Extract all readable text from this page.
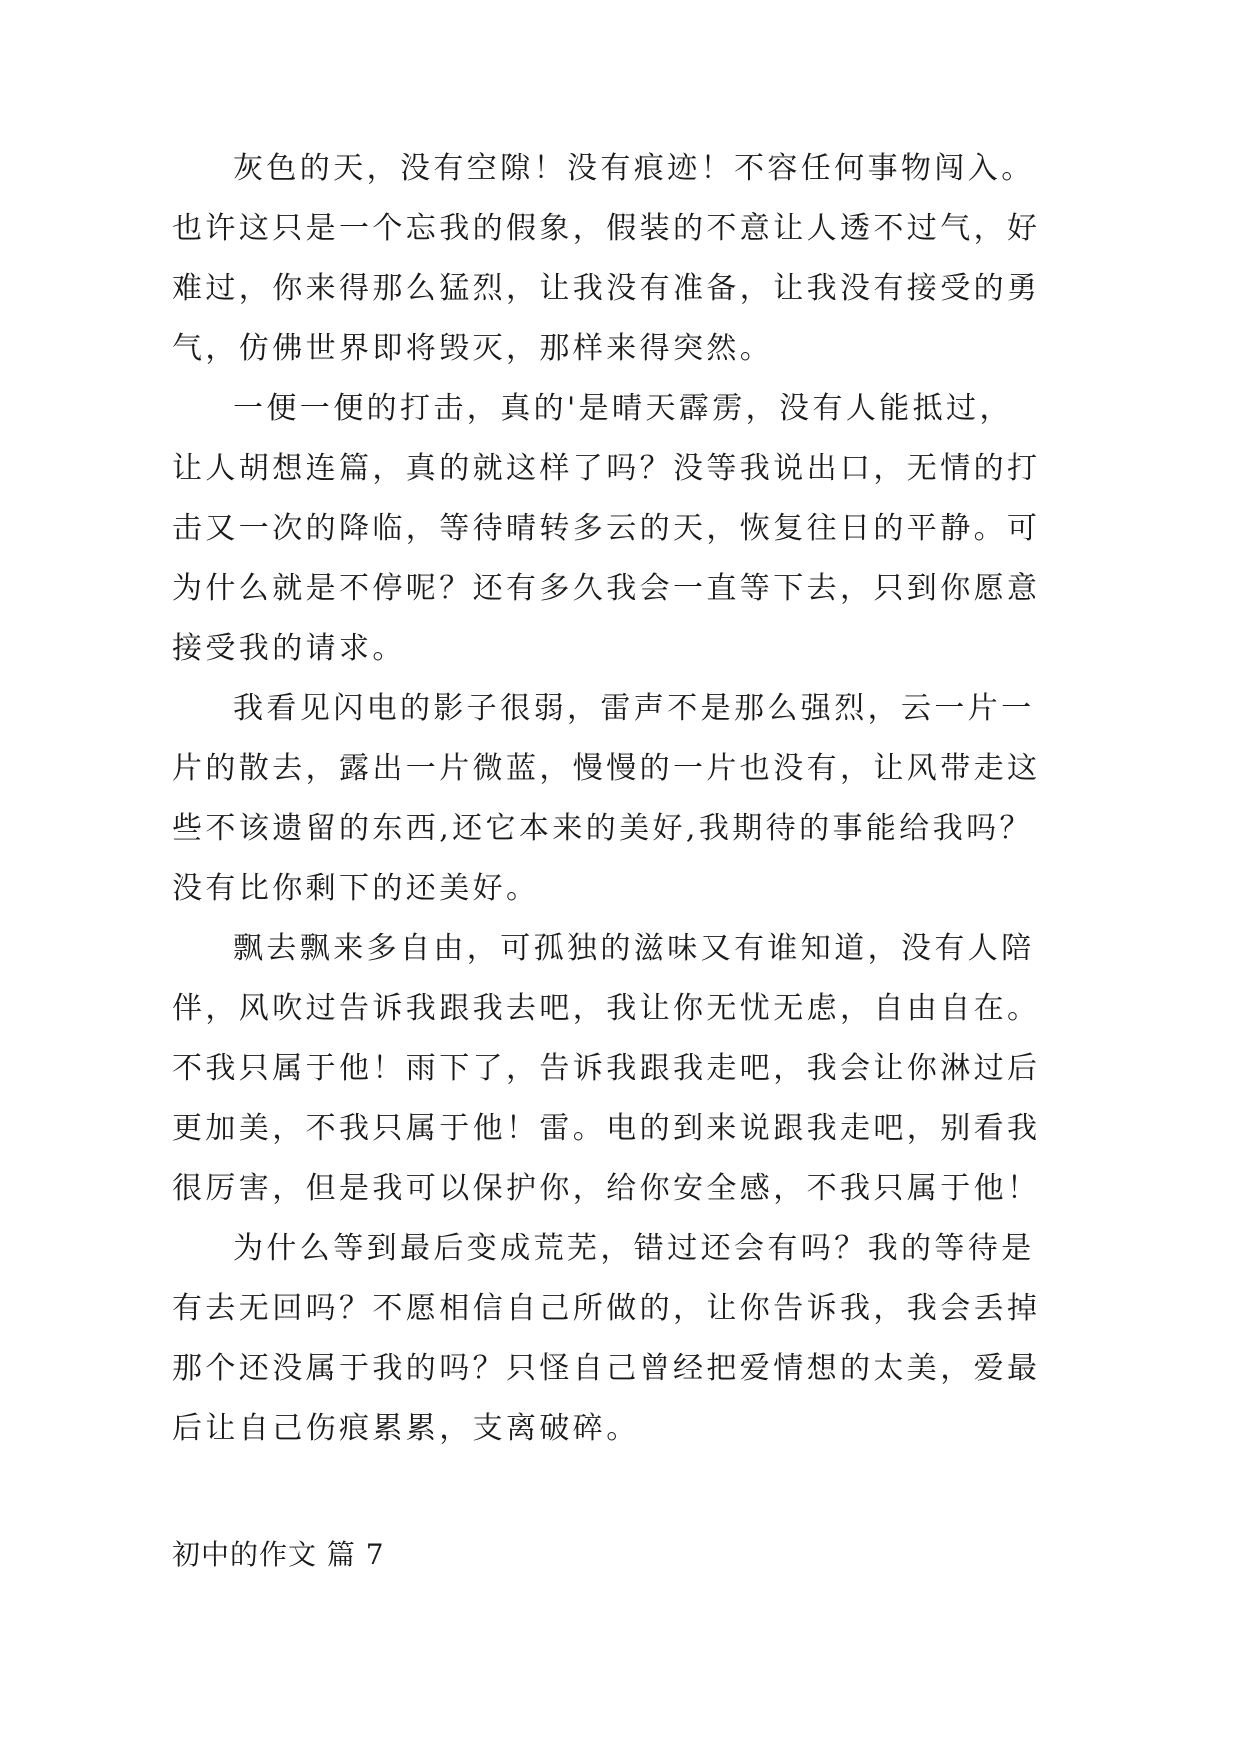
灰色的天，没有空隙！没有痕迹！不容任何事物闯入。
也许这只是一个忘我的假象，假装的不意让人透不过气，好
难过，你来得那么猛烈，让我没有准备，让我没有接受的勇
气，仿佛世界即将毁灭，那样来得突然。
一便一便的打击，真的'是晴天霹雳，没有人能抵过，
让人胡想连篇，真的就这样了吗？没等我说出口，无情的打
击又一次的降临，等待晴转多云的天，恢复往日的平静。可
为什么就是不停呢？还有多久我会一直等下去，只到你愿意
接受我的请求。
我看见闪电的影子很弱，雷声不是那么强烈，云一片一
片的散去，露出一片微蓝，慢慢的一片也没有，让风带走这
些不该遗留的东西,还它本来的美好,我期待的事能给我吗？
没有比你剩下的还美好。
飘去飘来多自由，可孤独的滋味又有谁知道，没有人陪
伴，风吹过告诉我跟我去吧，我让你无忧无虑，自由自在。
不我只属于他！雨下了，告诉我跟我走吧，我会让你淋过后
更加美，不我只属于他！雷。电的到来说跟我走吧，别看我
很厉害，但是我可以保护你，给你安全感，不我只属于他！
为什么等到最后变成荒芜，错过还会有吗？我的等待是
有去无回吗？不愿相信自己所做的，让你告诉我，我会丢掉
那个还没属于我的吗？只怪自己曾经把爱情想的太美，爱最
后让自己伤痕累累，支离破碎。
初中的作文 篇 7
